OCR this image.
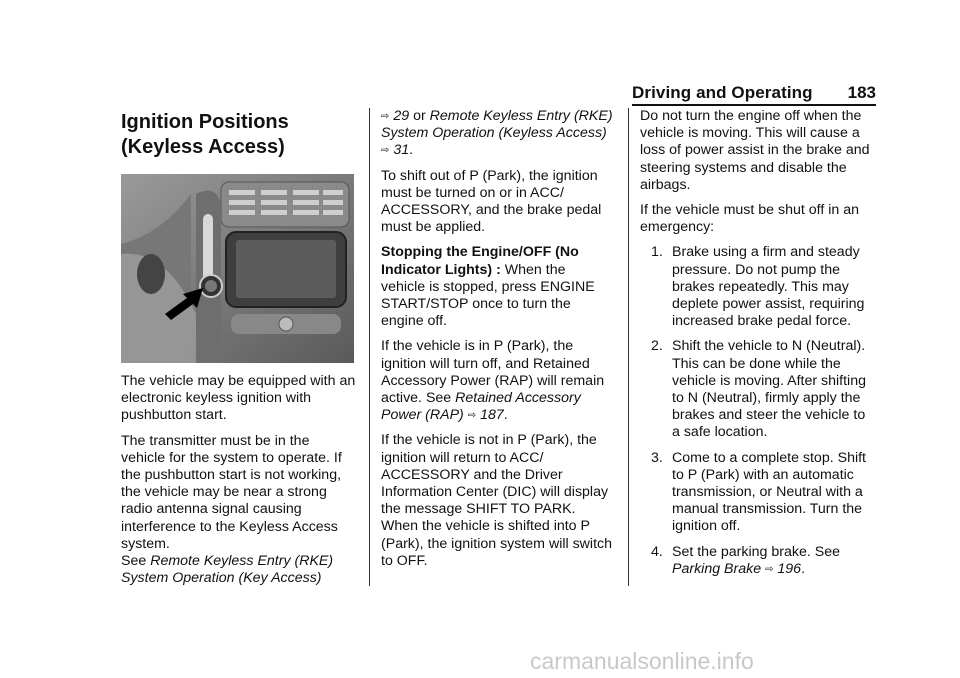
Driving and Operating 183
Ignition Positions
(Keyless Access)

The vehicle may be equipped with an electronic keyless ignition with pushbutton start.

The transmitter must be in the vehicle for the system to operate. If the pushbutton start is not working, the vehicle may be near a strong radio antenna signal causing interference to the Keyless Access system.
See Remote Keyless Entry (RKE) System Operation (Key Access)

⇨ 29 or Remote Keyless Entry (RKE) System Operation (Keyless Access) ⇨ 31.

To shift out of P (Park), the ignition must be turned on or in ACC/ ACCESSORY, and the brake pedal must be applied.

Stopping the Engine/OFF (No Indicator Lights) : When the vehicle is stopped, press ENGINE START/STOP once to turn the engine off.

If the vehicle is in P (Park), the ignition will turn off, and Retained Accessory Power (RAP) will remain active. See Retained Accessory Power (RAP) ⇨ 187.

If the vehicle is not in P (Park), the ignition will return to ACC/ ACCESSORY and the Driver Information Center (DIC) will display the message SHIFT TO PARK. When the vehicle is shifted into P (Park), the ignition system will switch to OFF.

Do not turn the engine off when the vehicle is moving. This will cause a loss of power assist in the brake and steering systems and disable the airbags.

If the vehicle must be shut off in an emergency:

1. Brake using a firm and steady pressure. Do not pump the brakes repeatedly. This may deplete power assist, requiring increased brake pedal force.
2. Shift the vehicle to N (Neutral). This can be done while the vehicle is moving. After shifting to N (Neutral), firmly apply the brakes and steer the vehicle to a safe location.
3. Come to a complete stop. Shift to P (Park) with an automatic transmission, or Neutral with a manual transmission. Turn the ignition off.
4. Set the parking brake. See
Parking Brake ⇨ 196.
carmanualsonline.info
